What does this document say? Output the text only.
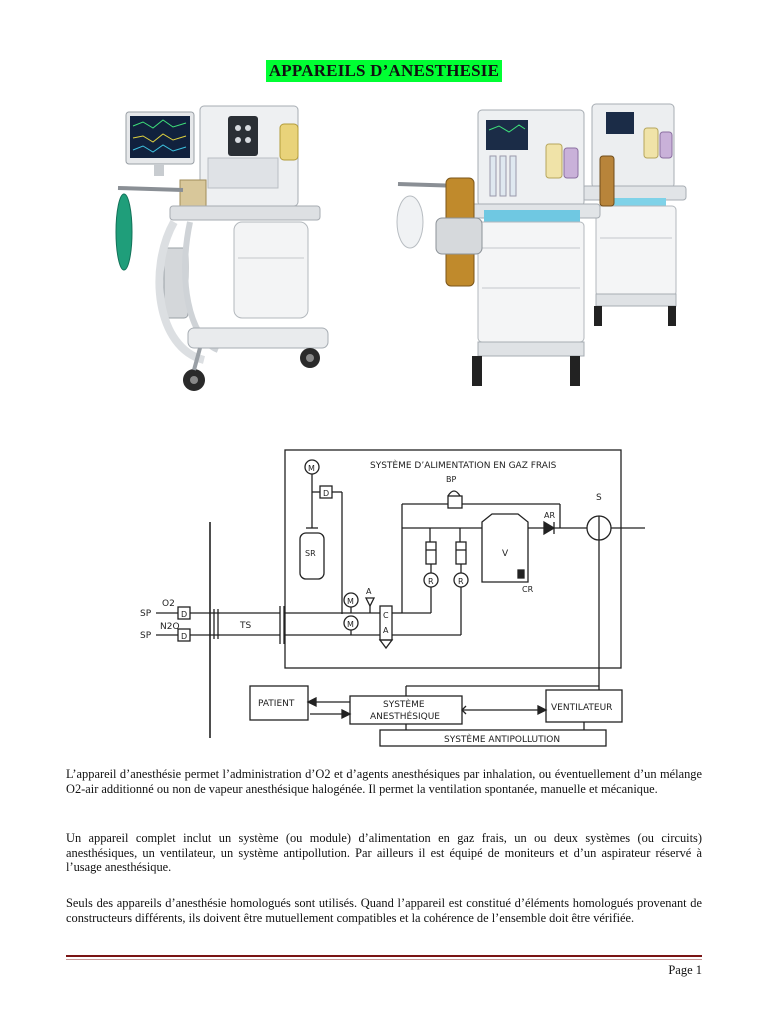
APPAREILS D’ANESTHESIE
SYSTÈME D’ALIMENTATION EN GAZ FRAIS
M
D
SR
SP
O2
D
SP
N2O
D
TS
M
M
A
C
A
BP
R	R
V
CR
AR
S
PATIENT	SYSTÈME
ANESTHÉSIQUE
VENTILATEUR
SYSTÈME ANTIPOLLUTION

L’appareil d’anesthésie permet l’administration d’O2 et d’agents anesthésiques par inhalation, ou éventuellement d’un mélange O2-air additionné ou non de vapeur anesthésique halogénée. Il permet la ventilation spontanée, manuelle et mécanique.

Un appareil complet inclut un système (ou module) d’alimentation en gaz frais, un ou deux systèmes (ou circuits) anesthésiques, un ventilateur, un système antipollution. Par ailleurs il est équipé de moniteurs et d’un aspirateur réservé à l’usage anesthésique.

Seuls des appareils d’anesthésie homologués sont utilisés. Quand l’appareil est constitué d’éléments homologués provenant de constructeurs différents, ils doivent être mutuellement compatibles et la cohérence de l’ensemble doit être vérifiée.

Page 1
